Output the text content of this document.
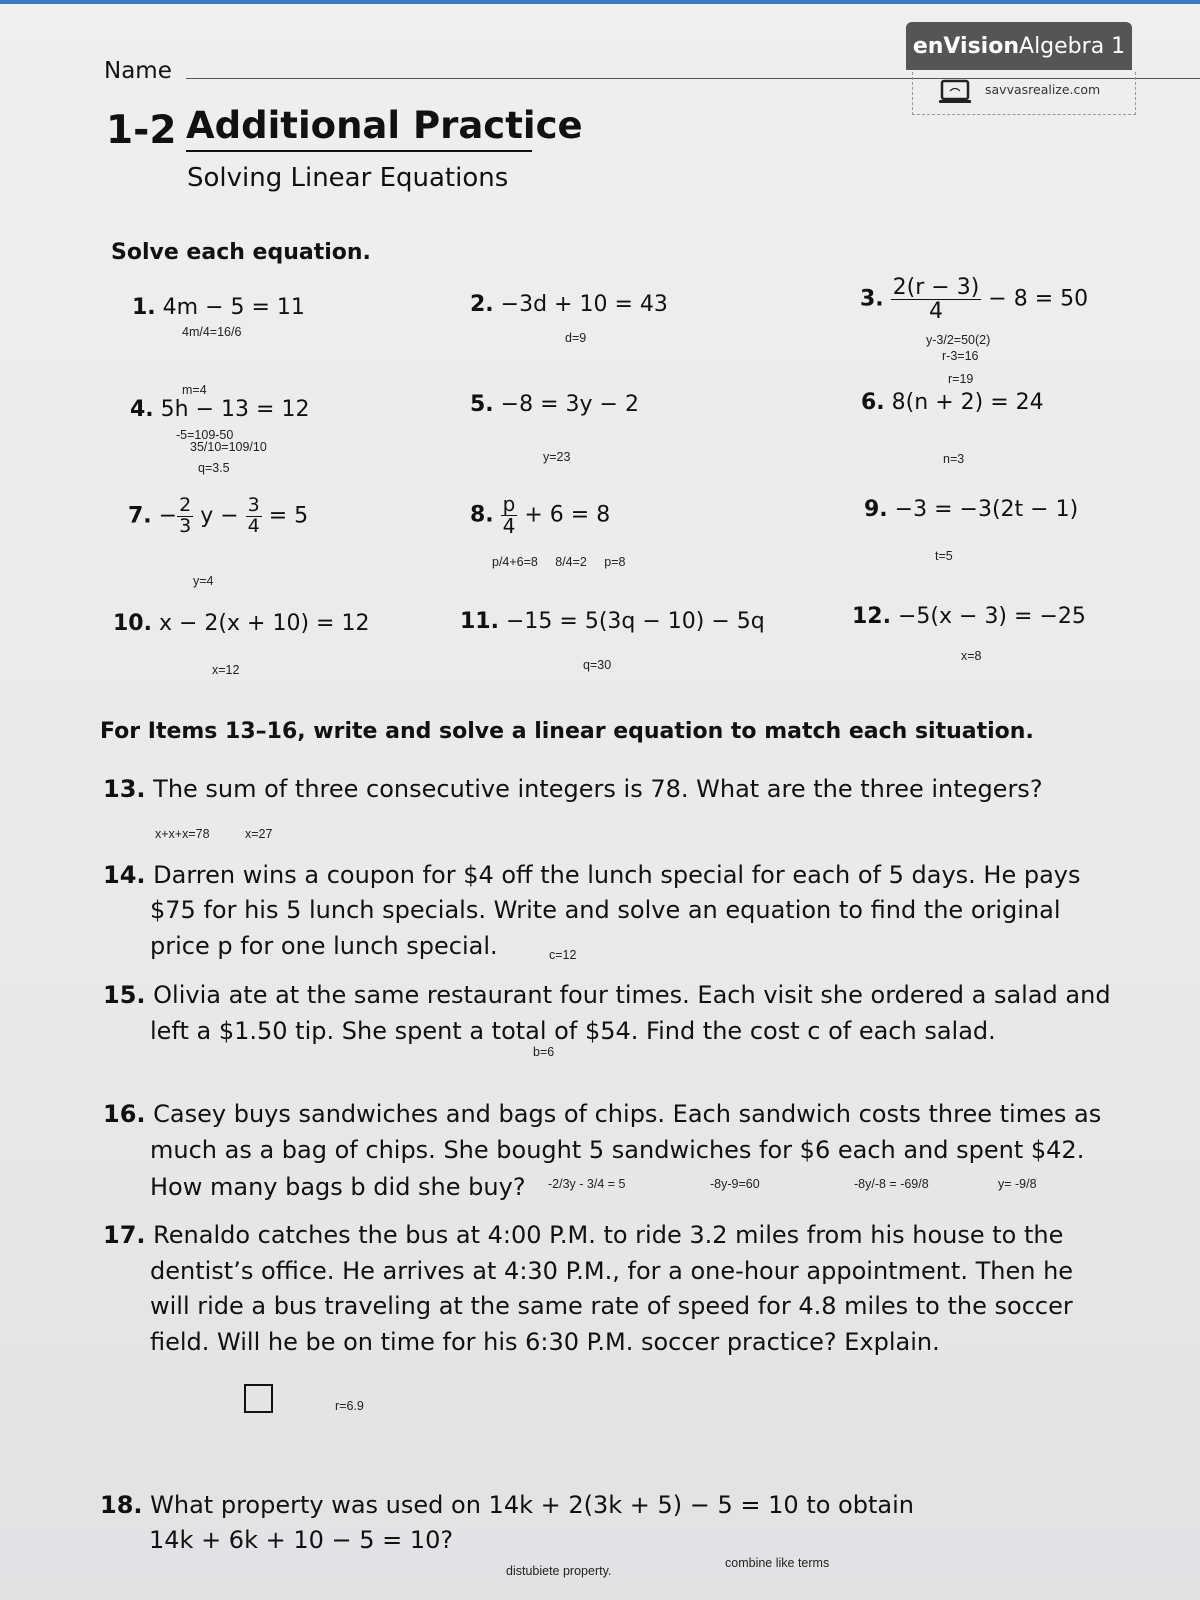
Name
enVision Algebra 1
savvasrealize.com
1-2 Additional Practice
Solving Linear Equations
Solve each equation.
1. 4m − 5 = 11
4m/4=16/6
m=4
2. −3d + 10 = 43
d=9
3. $\frac{2(r - 3)}{4} - 8 = 50$
y-3/2=50(2)
r-3=16
r=19
4. 5h − 13 = 12
-5=109-50
35/10=109/10
q=3.5
5. −8 = 3y − 2
y=23
6. 8(n + 2) = 24
n=3
7. − $\frac{2}{3}$ $y - \frac{3}{4} = 5$
y=4
8. $\frac{p}{4} + 6 = 8$
p/4+6=8     8/4=2     p=8
9. −3 = −3(2t − 1)
t=5
10. x − 2(x + 10) = 12
x=12
11. −15 = 5(3q − 10) − 5q
q=30
12. −5(x − 3) = −25
x=8
For Items 13–16, write and solve a linear equation to match each situation.
13. The sum of three consecutive integers is 78. What are the three integers?
x+x+x=78	x=27
14. Darren wins a coupon for $4 off the lunch special for each of 5 days. He pays
$75 for his 5 lunch specials. Write and solve an equation to find the original
price p for one lunch special.	c=12
15. Olivia ate at the same restaurant four times. Each visit she ordered a salad and
left a $1.50 tip. She spent a total of $54. Find the cost c of each salad.
b=6
16. Casey buys sandwiches and bags of chips. Each sandwich costs three times as
much as a bag of chips. She bought 5 sandwiches for $6 each and spent $42.
How many bags b did she buy? -2/3y - 3/4 = 5	-8y-9=60	-8y/-8 = -69/8	y= -9/8
17. Renaldo catches the bus at 4:00 P.M. to ride 3.2 miles from his house to the
dentist’s office. He arrives at 4:30 P.M., for a one-hour appointment. Then he
will ride a bus traveling at the same rate of speed for 4.8 miles to the soccer
field. Will he be on time for his 6:30 P.M. soccer practice? Explain.
r=6.9
18. What property was used on 14k + 2(3k + 5) − 5 = 10 to obtain
14k + 6k + 10 − 5 = 10?
distubiete property.
combine like terms
